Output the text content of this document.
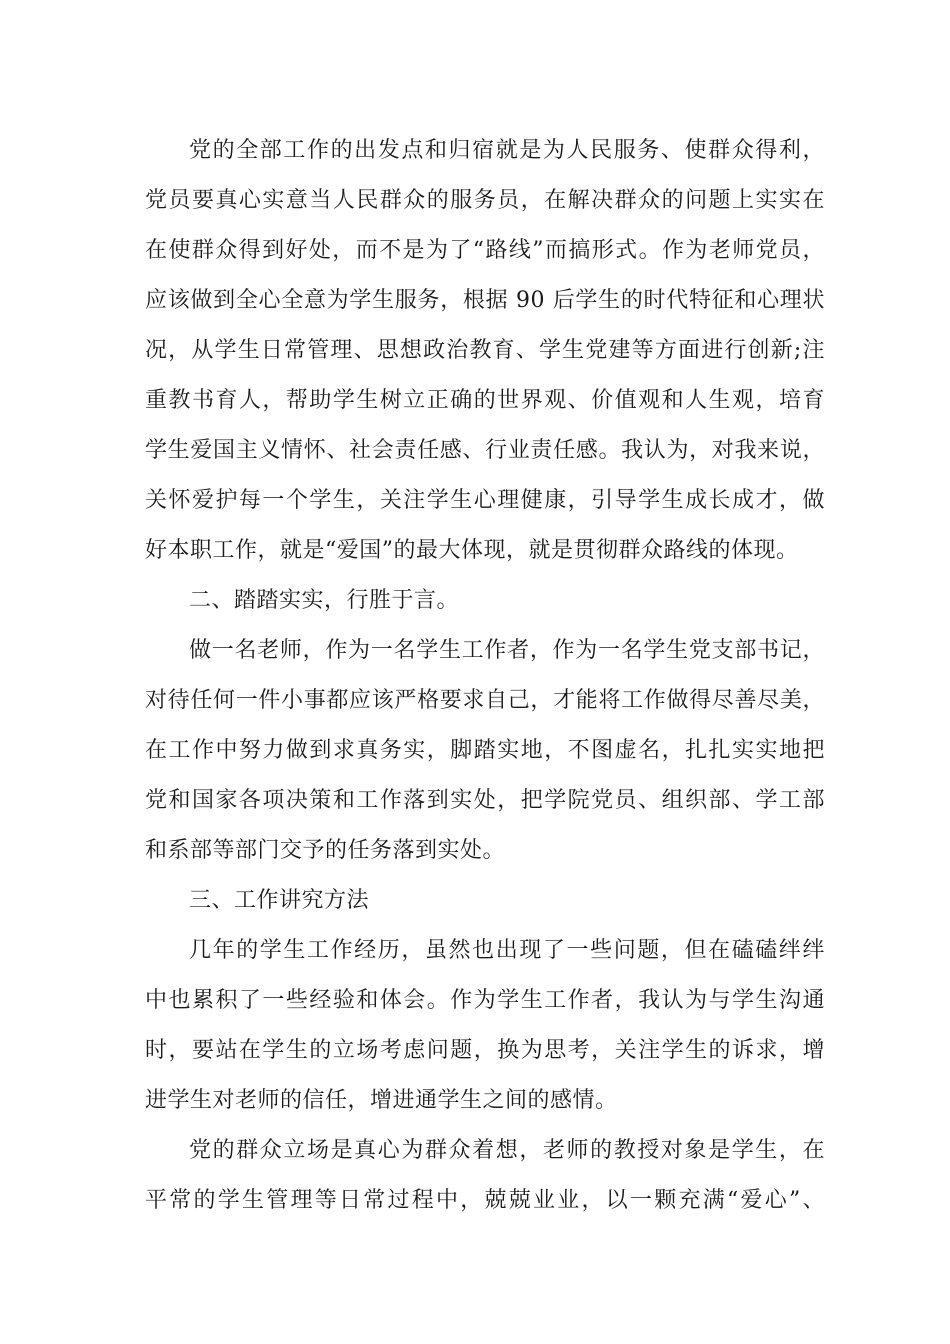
党的全部工作的出发点和归宿就是为人民服务、使群众得利，
党员要真心实意当人民群众的服务员，在解决群众的问题上实实在
在使群众得到好处，而不是为了“路线”而搞形式。作为老师党员，
应该做到全心全意为学生服务，根据 90 后学生的时代特征和心理状
况，从学生日常管理、思想政治教育、学生党建等方面进行创新;注
重教书育人，帮助学生树立正确的世界观、价值观和人生观，培育
学生爱国主义情怀、社会责任感、行业责任感。我认为，对我来说，
关怀爱护每一个学生，关注学生心理健康，引导学生成长成才，做
好本职工作，就是“爱国”的最大体现，就是贯彻群众路线的体现。
二、踏踏实实，行胜于言。
做一名老师，作为一名学生工作者，作为一名学生党支部书记，
对待任何一件小事都应该严格要求自己，才能将工作做得尽善尽美，
在工作中努力做到求真务实，脚踏实地，不图虚名，扎扎实实地把
党和国家各项决策和工作落到实处，把学院党员、组织部、学工部
和系部等部门交予的任务落到实处。
三、工作讲究方法
几年的学生工作经历，虽然也出现了一些问题，但在磕磕绊绊
中也累积了一些经验和体会。作为学生工作者，我认为与学生沟通
时，要站在学生的立场考虑问题，换为思考，关注学生的诉求，增
进学生对老师的信任，增进通学生之间的感情。
党的群众立场是真心为群众着想，老师的教授对象是学生，在
平常的学生管理等日常过程中，兢兢业业，以一颗充满“爱心”、
